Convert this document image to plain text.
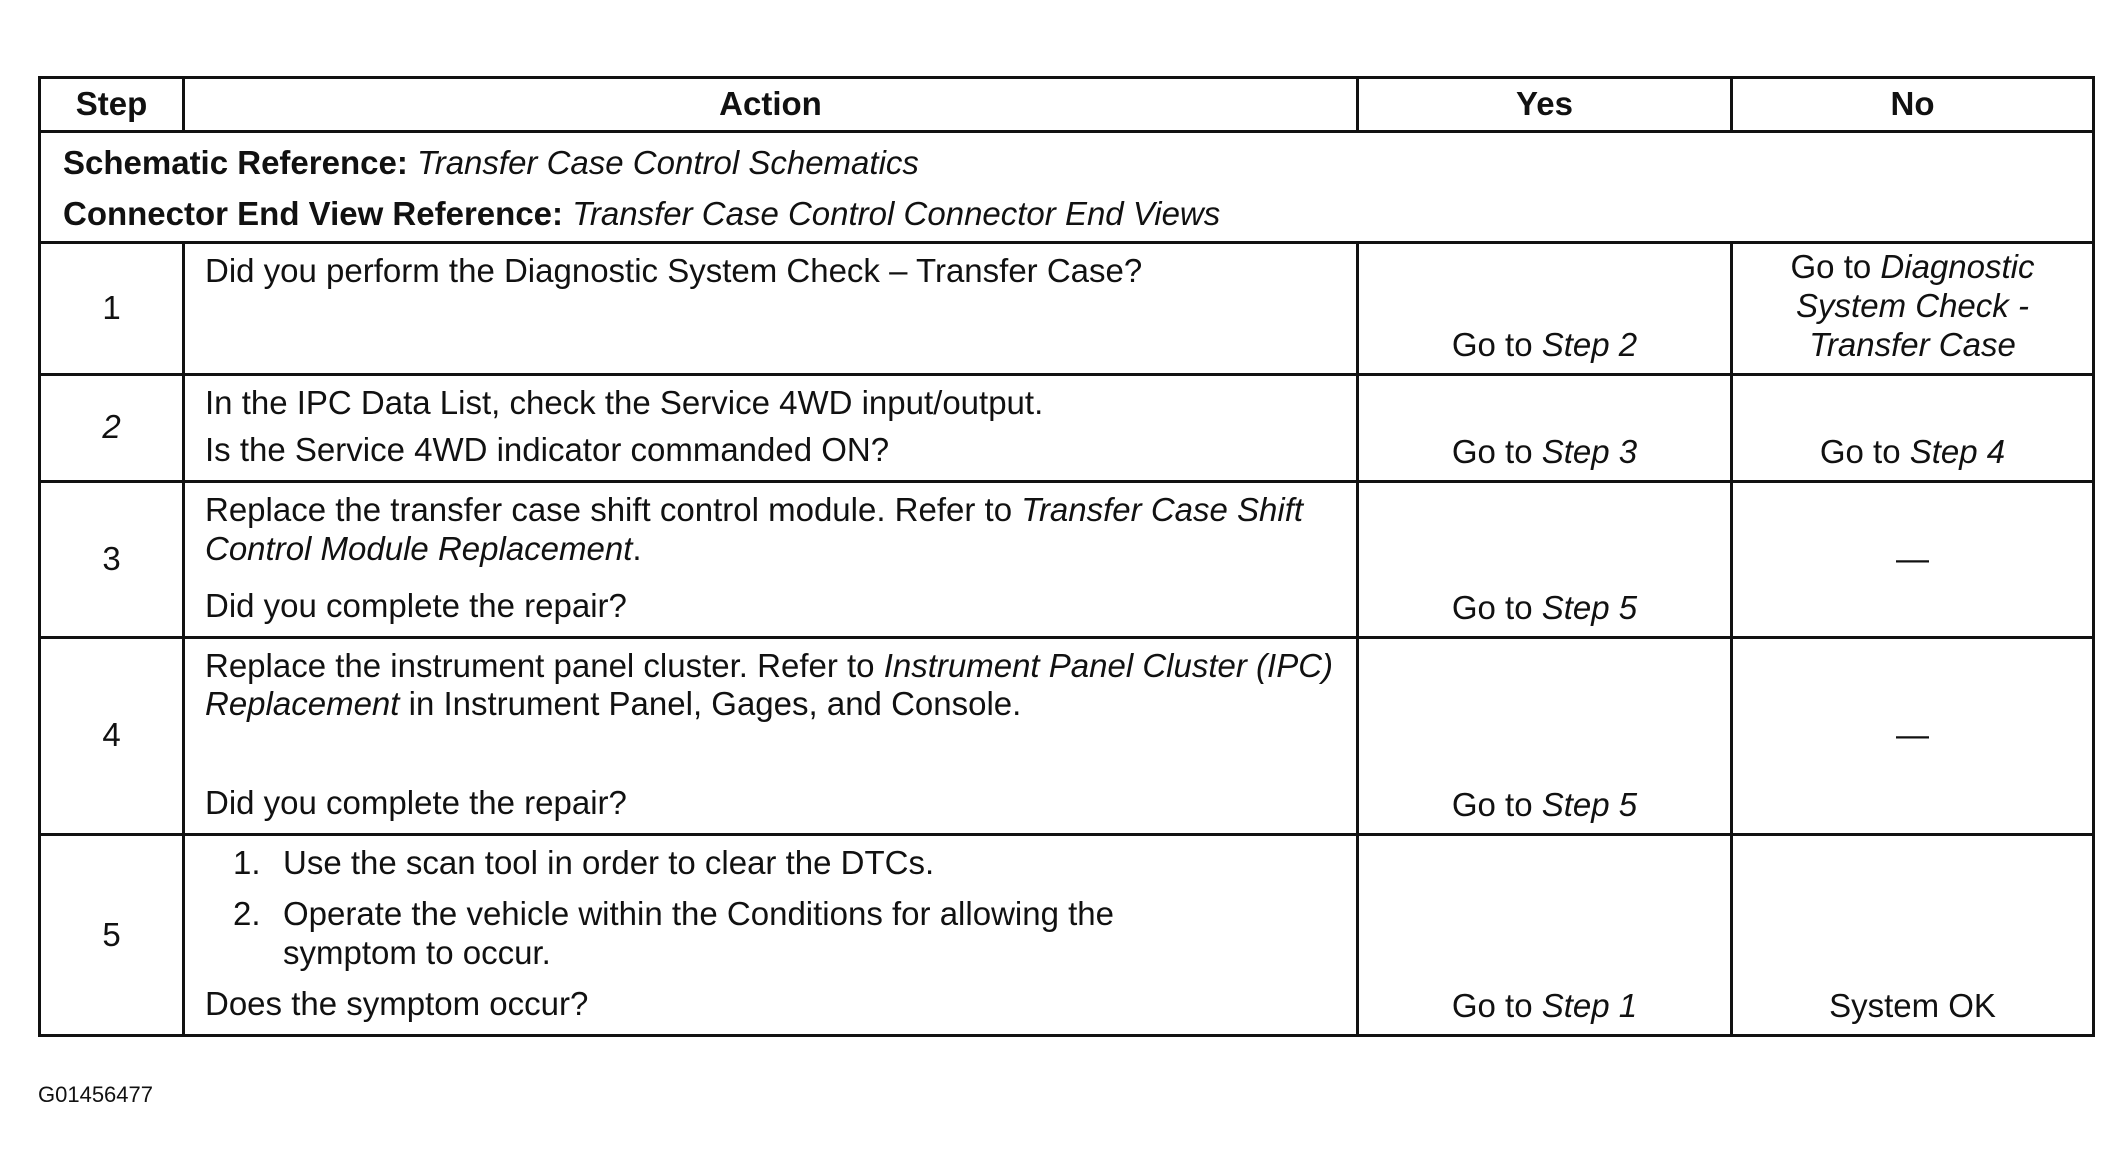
Step	Action	Yes	No

Schematic Reference: Transfer Case Control Schematics
Connector End View Reference: Transfer Case Control Connector End Views			

1	Did you perform the Diagnostic System Check – Transfer Case?	Go to Step 2	Go to Diagnostic
System Check -
Transfer Case

2	In the IPC Data List, check the Service 4WD input/output.
Is the Service 4WD indicator commanded ON?	Go to Step 3	Go to Step 4
3	Replace the transfer case shift control module. Refer to Transfer Case Shift Control Module Replacement.
Did you complete the repair?	Go to Step 5	—
4	Replace the instrument panel cluster. Refer to Instrument Panel Cluster (IPC) Replacement in Instrument Panel, Gages, and Console.
Did you complete the repair?	Go to Step 5	—
5	1. Use the scan tool in order to clear the DTCs.
2. Operate the vehicle within the Conditions for allowing the symptom to occur.
Does the symptom occur?	Go to Step 1	System OK
G01456477
